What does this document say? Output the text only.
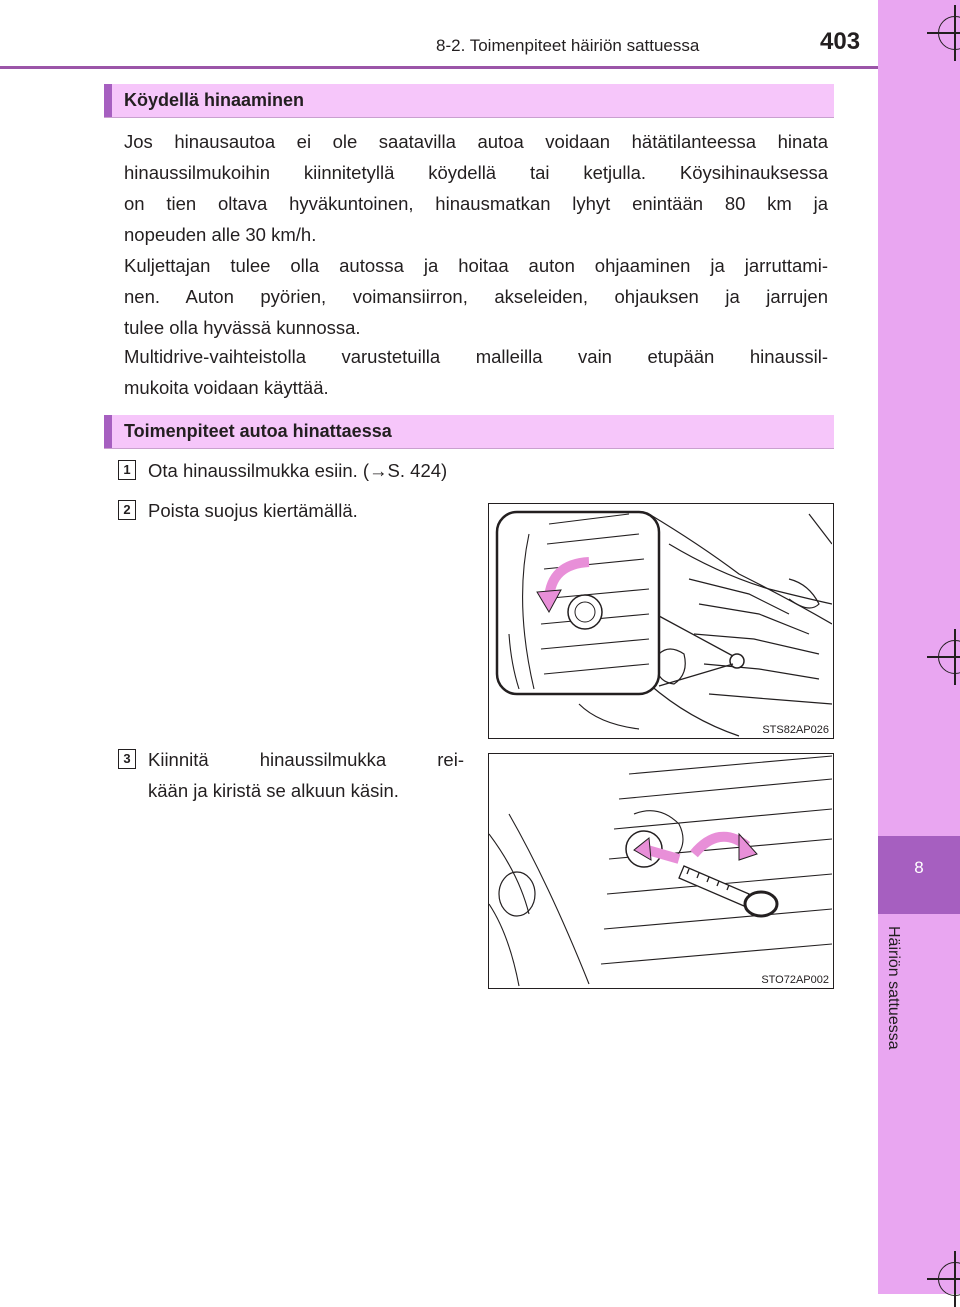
8-2. Toimenpiteet häiriön sattuessa	403
8
Häiriön sattuessa
Köydellä hinaaminen
Jos hinausautoa ei ole saatavilla autoa voidaan hätätilanteessa hinata
hinaussilmukoihin kiinnitetyllä köydellä tai ketjulla. Köysihinauksessa
on tien oltava hyväkuntoinen, hinausmatkan lyhyt enintään 80 km ja
nopeuden alle 30 km/h.
Kuljettajan tulee olla autossa ja hoitaa auton ohjaaminen ja jarruttami-
nen. Auton pyörien, voimansiirron, akseleiden, ohjauksen ja jarrujen
tulee olla hyvässä kunnossa.
Multidrive-vaihteistolla varustetuilla malleilla vain etupään hinaussil-
mukoita voidaan käyttää.
Toimenpiteet autoa hinattaessa
1 Ota hinaussilmukka esiin. (→S. 424)
2 Poista suojus kiertämällä.
3 Kiinnitä hinaussilmukka rei-
kään ja kiristä se alkuun käsin.
STS82AP026
STO72AP002
